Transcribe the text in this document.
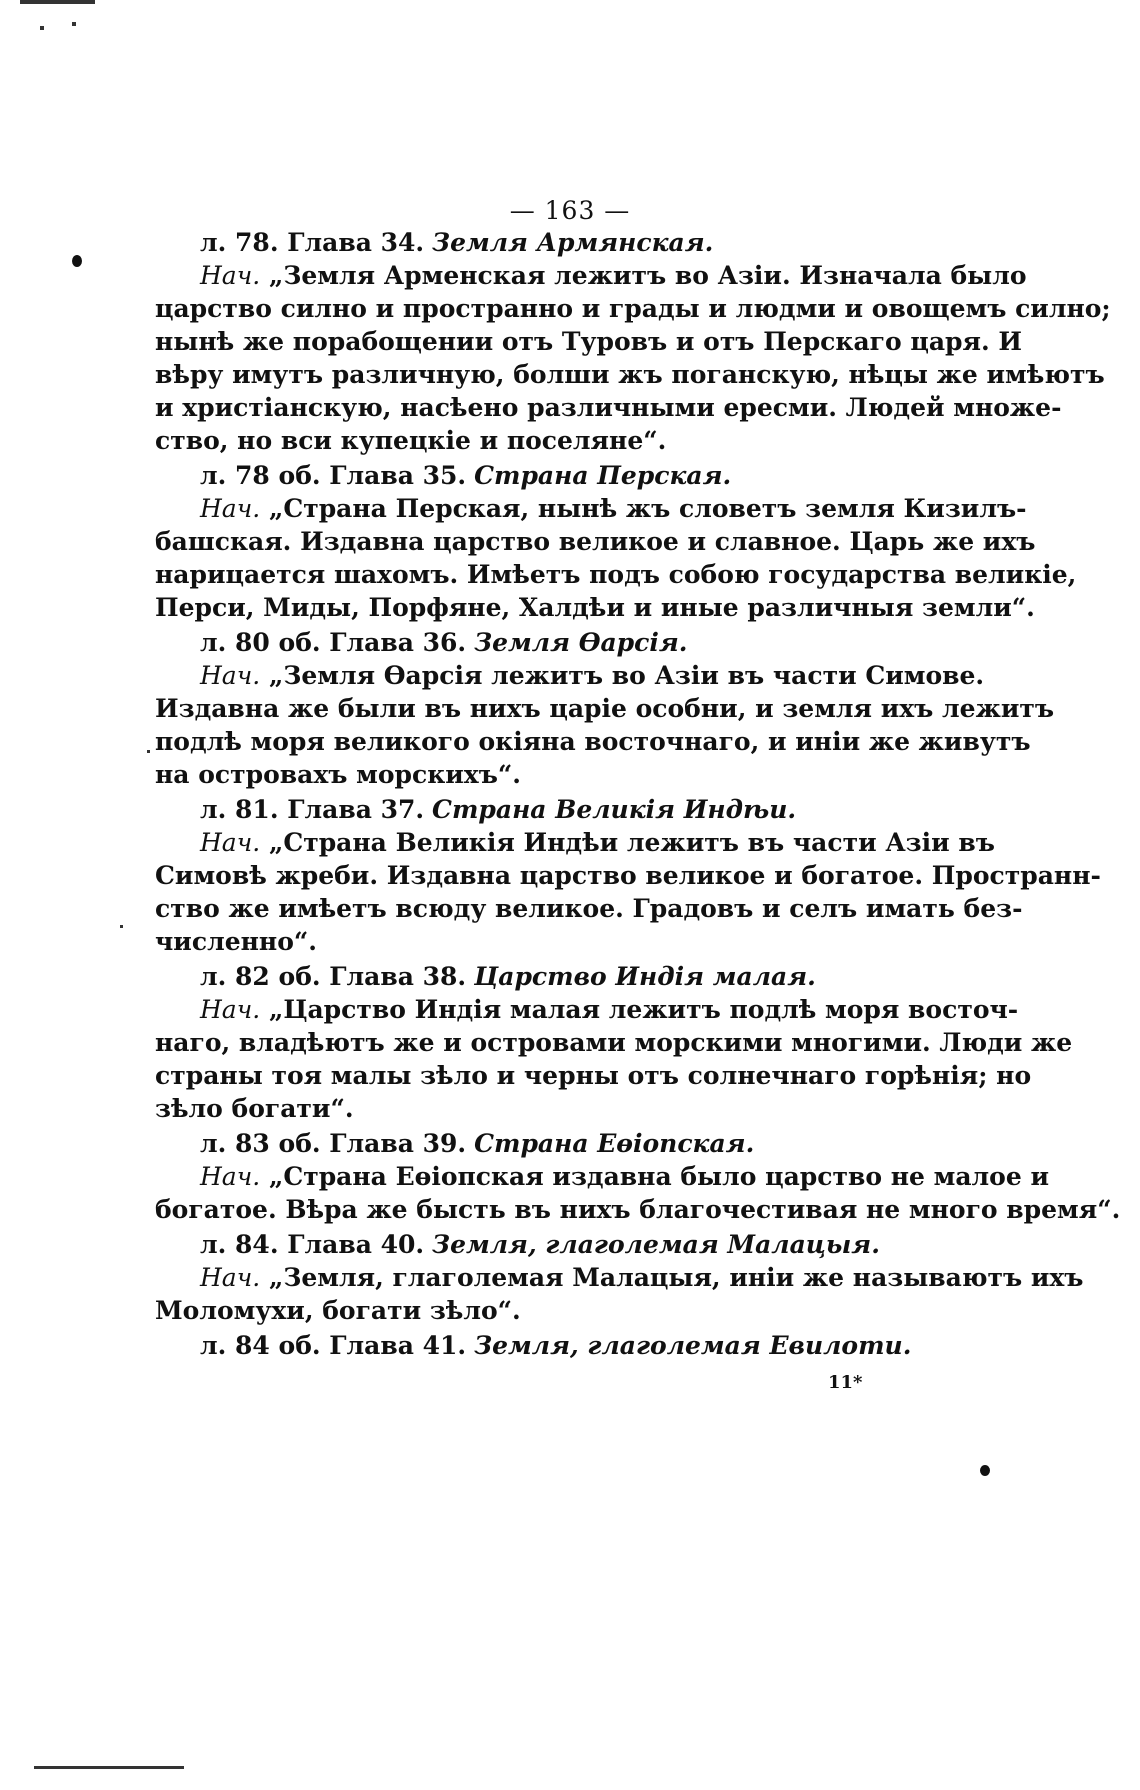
— 163 —
л. 78. Глава 34. Земля Армянская.
Нач. „Земля Арменская лежитъ во Азіи. Изначала было
царство силно и пространно и грады и людми и овощемъ силно;
нынѣ же порабощении отъ Туровъ и отъ Перскаго царя. И
вѣру имутъ различную, болши жъ поганскую, нѣцы же имѣютъ
и христіанскую, насѣено различными ересми. Людей множе-
ство, но вси купецкіе и поселяне“.
л. 78 об. Глава 35. Страна Перская.
Нач. „Страна Перская, нынѣ жъ словетъ земля Кизилъ-
башская. Издавна царство великое и славное. Царь же ихъ
нарицается шахомъ. Имѣетъ подъ собою государства великіе,
Перси, Миды, Порфяне, Халдѣи и иные различныя земли“.
л. 80 об. Глава 36. Земля Өарсія.
Нач. „Земля Өарсія лежитъ во Азіи въ части Симове.
Издавна же были въ нихъ царіе особни, и земля ихъ лежитъ
подлѣ моря великого окіяна восточнаго, и иніи же живутъ
на островахъ морскихъ“.
л. 81. Глава 37. Страна Великія Индѣи.
Нач. „Страна Великія Индѣи лежитъ въ части Азіи въ
Симовѣ жреби. Издавна царство великое и богатое. Пространн-
ство же имѣетъ всюду великое. Градовъ и селъ имать без-
численно“.
л. 82 об. Глава 38. Царство Индія малая.
Нач. „Царство Индія малая лежитъ подлѣ моря восточ-
наго, владѣютъ же и островами морскими многими. Люди же
страны тоя малы зѣло и черны отъ солнечнаго горѣнія; но
зѣло богати“.
л. 83 об. Глава 39. Страна Еөіопская.
Нач. „Страна Еөіопская издавна было царство не малое и
богатое. Вѣра же бысть въ нихъ благочестивая не много время“.
л. 84. Глава 40. Земля, глаголемая Малацыя.
Нач. „Земля, глаголемая Малацыя, иніи же называютъ ихъ
Моломухи, богати зѣло“.
л. 84 об. Глава 41. Земля, глаголемая Евилоти.
11*
